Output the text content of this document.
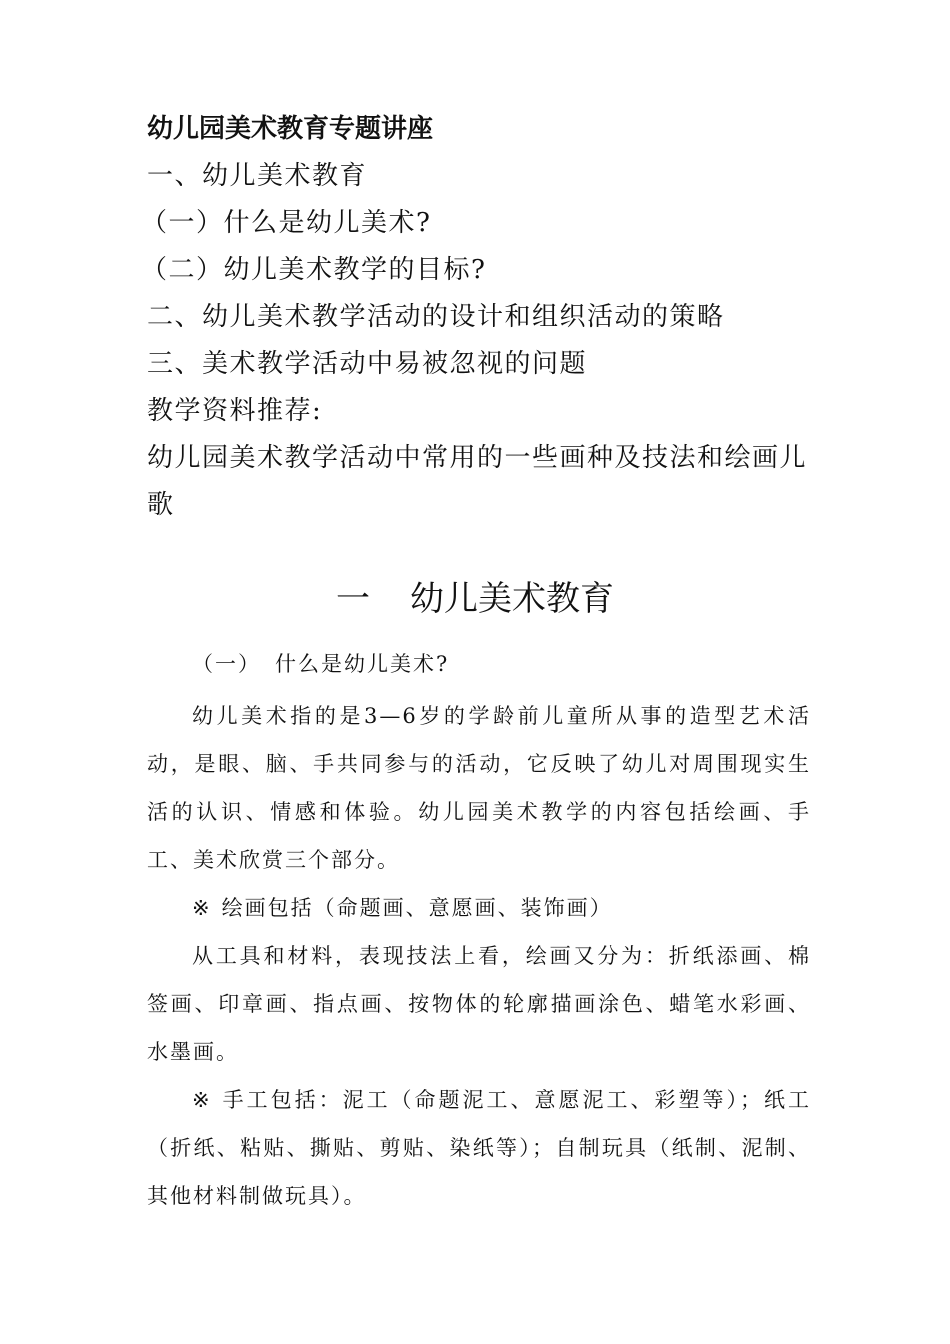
幼儿园美术教育专题讲座
一、幼儿美术教育
（一）什么是幼儿美术?
（二）幼儿美术教学的目标?
二、幼儿美术教学活动的设计和组织活动的策略
三、美术教学活动中易被忽视的问题
教学资料推荐:
幼儿园美术教学活动中常用的一些画种及技法和绘画儿歌
一 幼儿美术教育

（一） 什么是幼儿美术?

幼儿美术指的是3—6岁的学龄前儿童所从事的造型艺术活动，是眼、脑、手共同参与的活动，它反映了幼儿对周围现实生活的认识、情感和体验。幼儿园美术教学的内容包括绘画、手工、美术欣赏三个部分。

※ 绘画包括（命题画、意愿画、装饰画）

从工具和材料，表现技法上看，绘画又分为：折纸添画、棉签画、印章画、指点画、按物体的轮廓描画涂色、蜡笔水彩画、水墨画。

※ 手工包括：泥工（命题泥工、意愿泥工、彩塑等）；纸工（折纸、粘贴、撕贴、剪贴、染纸等）；自制玩具（纸制、泥制、其他材料制做玩具）。
